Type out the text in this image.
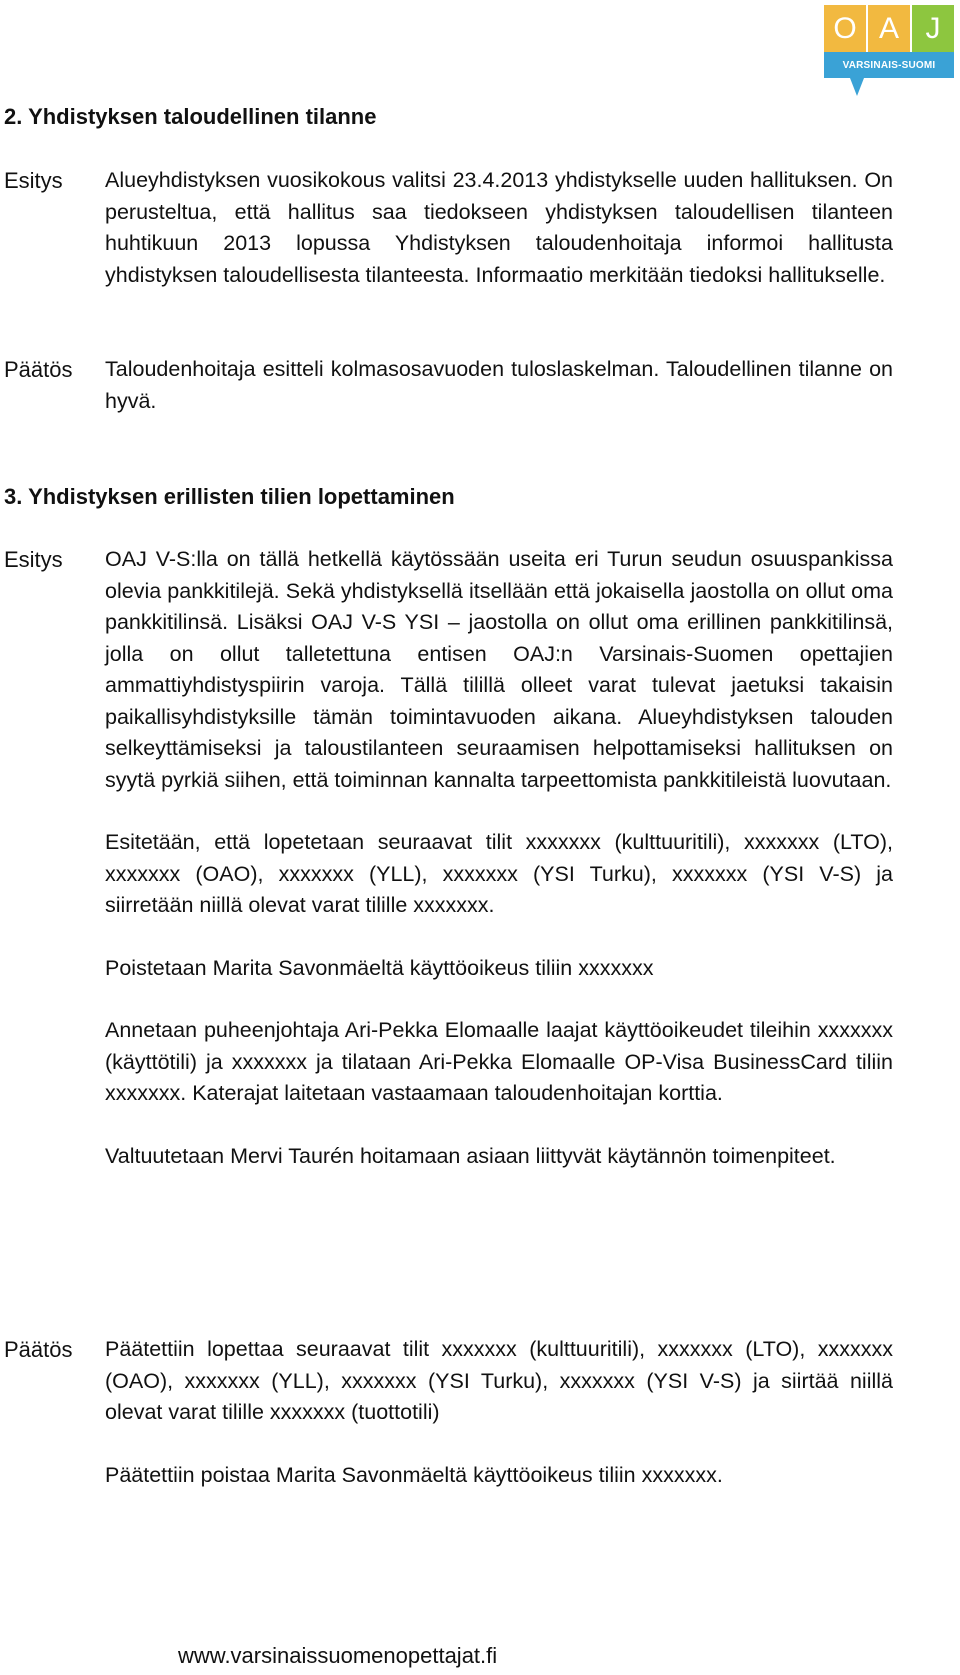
O A J
VARSINAIS-SUOMI
2. Yhdistyksen taloudellinen tilanne
Esitys Alueyhdistyksen vuosikokous valitsi 23.4.2013 yhdistykselle uuden hallituksen. On perusteltua, että hallitus saa tiedokseen yhdistyksen taloudellisen tilanteen huhtikuun 2013 lopussa Yhdistyksen taloudenhoitaja informoi hallitusta yhdistyksen taloudellisesta tilanteesta. Informaatio merkitään tiedoksi hallitukselle.

Päätös Taloudenhoitaja esitteli kolmasosavuoden tuloslaskelman. Taloudellinen tilanne on hyvä.

3. Yhdistyksen erillisten tilien lopettaminen
Esitys OAJ V-S:lla on tällä hetkellä käytössään useita eri Turun seudun osuuspankissa olevia pankkitilejä. Sekä yhdistyksellä itsellään että jokaisella jaostolla on ollut oma pankkitilinsä. Lisäksi OAJ V-S YSI – jaostolla on ollut oma erillinen pankkitilinsä, jolla on ollut talletettuna entisen OAJ:n Varsinais-Suomen opettajien ammattiyhdistyspiirin varoja. Tällä tilillä olleet varat tulevat jaetuksi takaisin paikallisyhdistyksille tämän toimintavuoden aikana. Alueyhdistyksen talouden selkeyttämiseksi ja taloustilanteen seuraamisen helpottamiseksi hallituksen on syytä pyrkiä siihen, että toiminnan kannalta tarpeettomista pankkitileistä luovutaan.

Esitetään, että lopetetaan seuraavat tilit xxxxxxx (kulttuuritili), xxxxxxx (LTO), xxxxxxx (OAO), xxxxxxx (YLL), xxxxxxx (YSI Turku), xxxxxxx (YSI V-S) ja siirretään niillä olevat varat tilille xxxxxxx.

Poistetaan Marita Savonmäeltä käyttöoikeus tiliin xxxxxxx

Annetaan puheenjohtaja Ari-Pekka Elomaalle laajat käyttöoikeudet tileihin xxxxxxx (käyttötili) ja xxxxxxx ja tilataan Ari-Pekka Elomaalle OP-Visa BusinessCard tiliin xxxxxxx. Katerajat laitetaan vastaamaan taloudenhoitajan korttia.

Valtuutetaan Mervi Taurén hoitamaan asiaan liittyvät käytännön toimenpiteet.

Päätös Päätettiin lopettaa seuraavat tilit xxxxxxx (kulttuuritili), xxxxxxx (LTO), xxxxxxx (OAO), xxxxxxx (YLL), xxxxxxx (YSI Turku), xxxxxxx (YSI V-S) ja siirtää niillä olevat varat tilille xxxxxxx (tuottotili)

Päätettiin poistaa Marita Savonmäeltä käyttöoikeus tiliin xxxxxxx.

www.varsinaissuomenopettajat.fi
